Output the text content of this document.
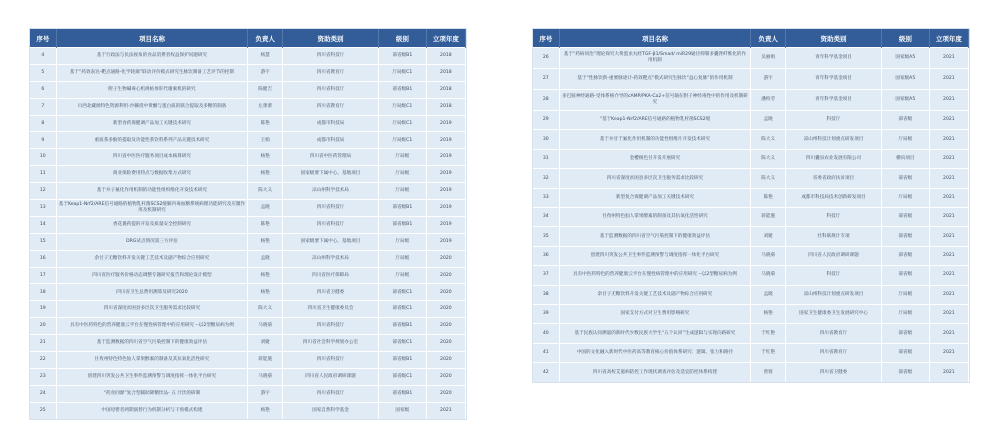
序号	项目名称	负责人	资助类别	级别	立项年度
4	基于行政法与民法视角的食品消费者权益保护问题研究	杨慧	四川省科技厅	部省级B1	2018
5	基于“药效表达-靶点通路-化学轮廓”联动评价模式研究生脉饮制备工艺评节的控制	游宇	四川省教育厅	厅局级C1	2018
6	附子生物碱毒心机规帖体肝代谢素机的研究	陈健吉	四川省科技厅	部省级B1	2018
7	川西北藏源特色资源利用-沙棘渣中黄酮与蛋白质的联合提取及多糖的制备	左蕾蕾	四川省教育厅	厅局级C1	2018
8	新型食药保健调产品加工关键技术研究	陈艳	成都市科技局	厅局级C1	2019
9	重质茶多酚的提取及功能性茶饮料系列产品关键技术研究	王娟	成都市科技局	厅局级C1	2019
10	四川省中医医疗服务项目成本核算研究	杨艳	四川省中医药管理局	厅局级	2019
11	商业保险费用特点与数据收集方式研究	杨艳	国家级要下属中心、基地项目	厅局级	2019
12	基于并子氟化作用机制的功能性组织维化开发技术研究	陈大义	凉山州科学技术局	厅局级	2019
13	基于Keap1-Nrf2/ARE信号通路的植物乳杆菌SCS2缓解内毒血糖系统病理功能研究及应激作用及机制研究	孟晓	四川省科技厅	部省级B1	2019
14	香花裹药提的开发及质量安全控制研究	陈艳	四川省科技厅	部省级B1	2019
15	DRG试点情况第三方评估	杨艳	国家级要下属中心、基地项目	厅局级	2019
16	余甘子无糖饮料开发关键工艺技术及副产物综合应用研究	孟晓	凉山州科学技术局	厅局级	2020
17	四川省医疗服务价格动态调整专题研究报告和理论设计模型	杨艳	四川省医疗保障局	厅局级	2020
18	四川省卫生总费用测算及研究2020	杨艳	四川省卫健委	部省级C1	2020
19	四川省深度贫困县多层次卫生服务需求比较研究	陈大义	四川省卫生健康委员会	部省级C1	2020
20	具有中医药特色的营养健康云平台在慢性病管理中的应用研究 --以2型糖尿病为例	马晓菊	四川省科技厅	部省级B1	2020
21	基于监测数据的四川省空气污染控制下的健康效益评估	刘婕	四川省社会科学规划办公室	部省级C1	2020
22	甘孜州特色特色仙人掌果酵素的制备及其抗氧化活性研究	蒋能施	四川省科技厅	部省级B1	2020
23	创建四川突发公共卫生事件监测预警与调度指挥一体化平台研究	马晓菊	四川省人民政府调研课题	部省级C1	2020
24	“药食同源”复合型辅助降糖饮品- 五 汁饮的研制	游宇	四川省科技厅	部省级B1	2020
25	中国母婴者两期演替行为机制分析与干预模式构建	杨艳	国家自然科学基金	国家级	2021
序号	项目名称	负责人	资助类别	级别	立项年度
26	基于“药病同治”理论探究大黄蛋虫丸经TGF-β1/Smad/ miR29通径抑制多囊肾纤维化的作用机制	吴丽娟	青年科学基金项目	国家级A5	2021
27	基于“性脉饮新-重要脉迹计-药效靶点”模式研究生脉饮“益心复脉”的作用机制	游宇	青年科学基金项目	国家级A5	2021
28	多巴胺神经通路-受体系统介导的cAMP/PKA-Ca2+信号轴在附子神经毒性中的作用及机制研究	潘校劳	青年科学基金项目	国家级A5	2021
29	“基于Keap1-Nrf2/ARE信号通路的植物乳杆菌SCS2缓	孟晓	科技厅	部省级	2021
30	基于并甘于氟化作用机制的功能性组维片开发技术研究	陈大义	凉山州科技计划重点研发项目	厅局级	2021
31	金樱根色甘开发开展研究	陈大义	四川囊泉农业发展有限公司	横向项目	2021
32	四川省深度贫困县多层次卫生服务需求比较研究	陈大义	省委省政府扶贫项目	部省级	2021
33	新型复合保健调产品加工关键技术研究	陈艳	成都市科技局技术创新研发项目	厅局级	2021
34	甘孜州特色仙人掌果酵素的制备及其抗氧化活性研究	蒋能施	科技厅	部省级	2021
35	基于监测数据的四川省空气污染控制下的健康效益评估	刘婕	社科联规计专项	部省级	2021
36	创建四川突发公共卫生事件监测预警与调度指挥一体化平台研究	马晓菊	四川省人民政府调研课题	部省级	2021
37	具有中医药特色的营养健康云平台在慢性病管理中的应用研究 --以2型糖尿病为例	马晓菊	科技厅	部省级	2021
38	余甘子无糖饮料开发关键工艺技术及副产物综合应用研究	孟晓	凉山州科技计划重点研发项目	厅局级	2021
39	国家支付方式对卫生费用影响研究	杨艳	国家卫生健康委卫生发展研究中心	厅局级	2021
40	基于民族认同测量的新时代少数民族大学生“五个认同”生成逻辑与实现向路研究	于红艳	四川省教育厅	部省级	2021
41	中国的文化融入新时代中医药高等教育核心价值体系研究：逻辑、张力和路径	于红艳	四川省教育厅	部省级	2021
42	四川省高校艾滋病防控工作现状调查评估及适宜防控体系构建	曾蓉	四川省卫健委	部省级	2021
